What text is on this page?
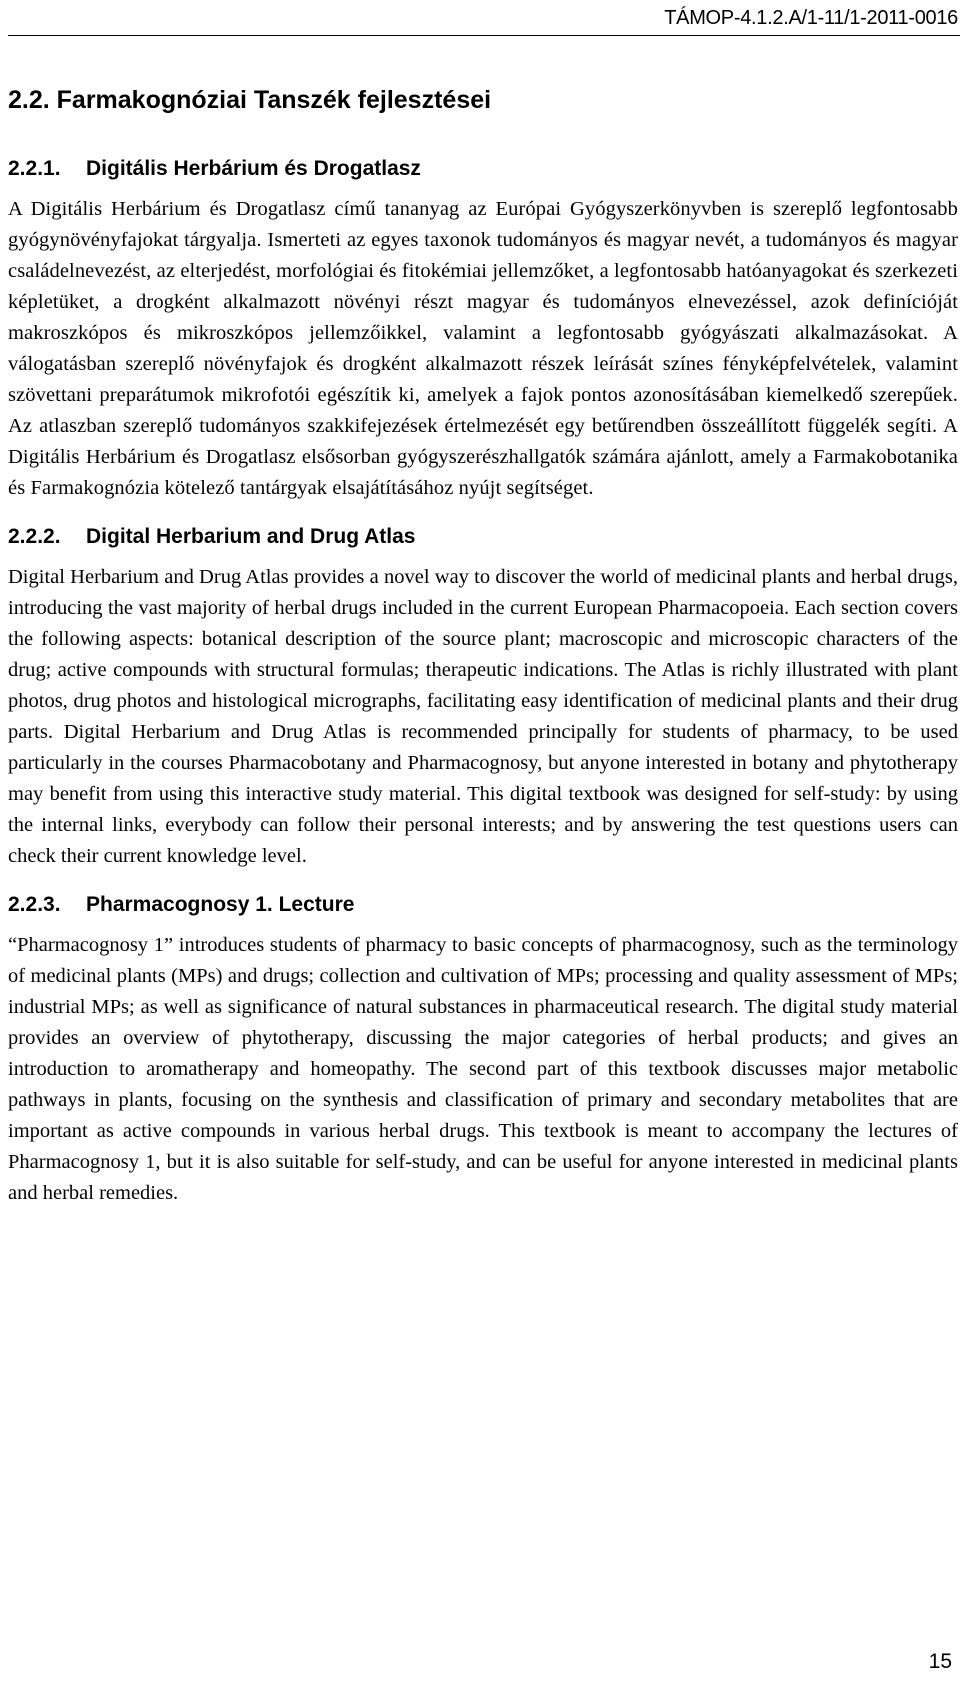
TÁMOP-4.1.2.A/1-11/1-2011-0016
2.2. Farmakognóziai Tanszék fejlesztései
2.2.1. Digitális Herbárium és Drogatlasz

A Digitális Herbárium és Drogatlasz című tananyag az Európai Gyógyszerkönyvben is szereplő legfontosabb gyógynövényfajokat tárgyalja. Ismerteti az egyes taxonok tudományos és magyar nevét, a tudományos és magyar családelnevezést, az elterjedést, morfológiai és fitokémiai jellemzőket, a legfontosabb hatóanyagokat és szerkezeti képletüket, a drogként alkalmazott növényi részt magyar és tudományos elnevezéssel, azok definícióját makroszkópos és mikroszkópos jellemzőikkel, valamint a legfontosabb gyógyászati alkalmazásokat. A válogatásban szereplő növényfajok és drogként alkalmazott részek leírását színes fényképfelvételek, valamint szövettani preparátumok mikrofotói egészítik ki, amelyek a fajok pontos azonosításában kiemelkedő szerepűek. Az atlaszban szereplő tudományos szakkifejezések értelmezését egy betűrendben összeállított függelék segíti. A Digitális Herbárium és Drogatlasz elsősorban gyógyszerészhallgatók számára ajánlott, amely a Farmakobotanika és Farmakognózia kötelező tantárgyak elsajátításához nyújt segítséget.

2.2.2. Digital Herbarium and Drug Atlas

Digital Herbarium and Drug Atlas provides a novel way to discover the world of medicinal plants and herbal drugs, introducing the vast majority of herbal drugs included in the current European Pharmacopoeia. Each section covers the following aspects: botanical description of the source plant; macroscopic and microscopic characters of the drug; active compounds with structural formulas; therapeutic indications. The Atlas is richly illustrated with plant photos, drug photos and histological micrographs, facilitating easy identification of medicinal plants and their drug parts. Digital Herbarium and Drug Atlas is recommended principally for students of pharmacy, to be used particularly in the courses Pharmacobotany and Pharmacognosy, but anyone interested in botany and phytotherapy may benefit from using this interactive study material. This digital textbook was designed for self-study: by using the internal links, everybody can follow their personal interests; and by answering the test questions users can check their current knowledge level.

2.2.3. Pharmacognosy 1. Lecture

“Pharmacognosy 1” introduces students of pharmacy to basic concepts of pharmacognosy, such as the terminology of medicinal plants (MPs) and drugs; collection and cultivation of MPs; processing and quality assessment of MPs; industrial MPs; as well as significance of natural substances in pharmaceutical research. The digital study material provides an overview of phytotherapy, discussing the major categories of herbal products; and gives an introduction to aromatherapy and homeopathy. The second part of this textbook discusses major metabolic pathways in plants, focusing on the synthesis and classification of primary and secondary metabolites that are important as active compounds in various herbal drugs. This textbook is meant to accompany the lectures of Pharmacognosy 1, but it is also suitable for self-study, and can be useful for anyone interested in medicinal plants and herbal remedies.

15
